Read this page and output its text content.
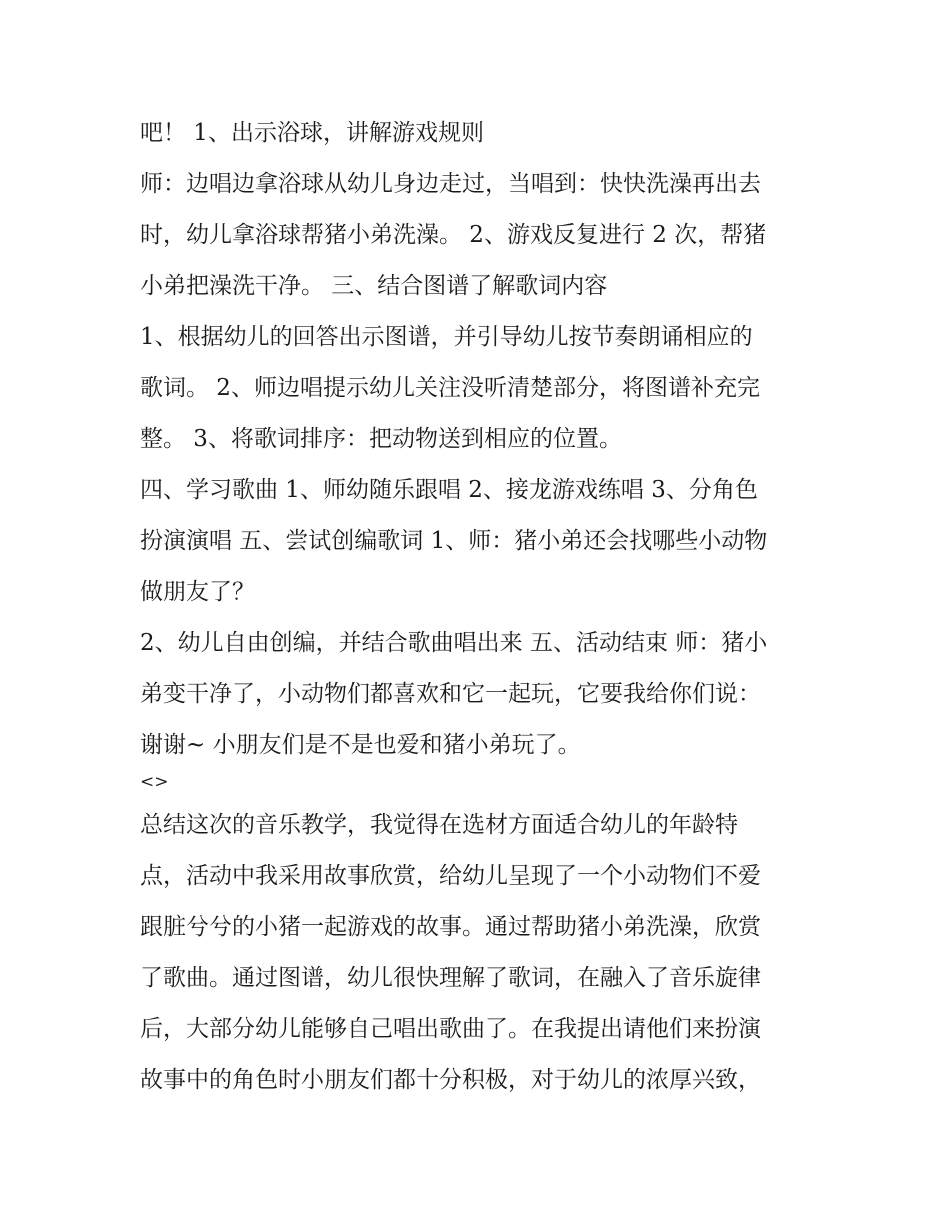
吧！ 1、出示浴球，讲解游戏规则
师：边唱边拿浴球从幼儿身边走过，当唱到：快快洗澡再出去
时，幼儿拿浴球帮猪小弟洗澡。 2、游戏反复进行 2 次，帮猪
小弟把澡洗干净。 三、结合图谱了解歌词内容
1、根据幼儿的回答出示图谱，并引导幼儿按节奏朗诵相应的
歌词。 2、师边唱提示幼儿关注没听清楚部分，将图谱补充完
整。 3、将歌词排序：把动物送到相应的位置。
四、学习歌曲 1、师幼随乐跟唱 2、接龙游戏练唱 3、分角色
扮演演唱 五、尝试创编歌词 1、师：猪小弟还会找哪些小动物
做朋友了？
2、幼儿自由创编，并结合歌曲唱出来 五、活动结束 师：猪小
弟变干净了，小动物们都喜欢和它一起玩，它要我给你们说：
谢谢~ 小朋友们是不是也爱和猪小弟玩了。
<>
总结这次的音乐教学，我觉得在选材方面适合幼儿的年龄特
点，活动中我采用故事欣赏，给幼儿呈现了一个小动物们不爱
跟脏兮兮的小猪一起游戏的故事。通过帮助猪小弟洗澡，欣赏
了歌曲。通过图谱，幼儿很快理解了歌词，在融入了音乐旋律
后，大部分幼儿能够自己唱出歌曲了。在我提出请他们来扮演
故事中的角色时小朋友们都十分积极，对于幼儿的浓厚兴致，
